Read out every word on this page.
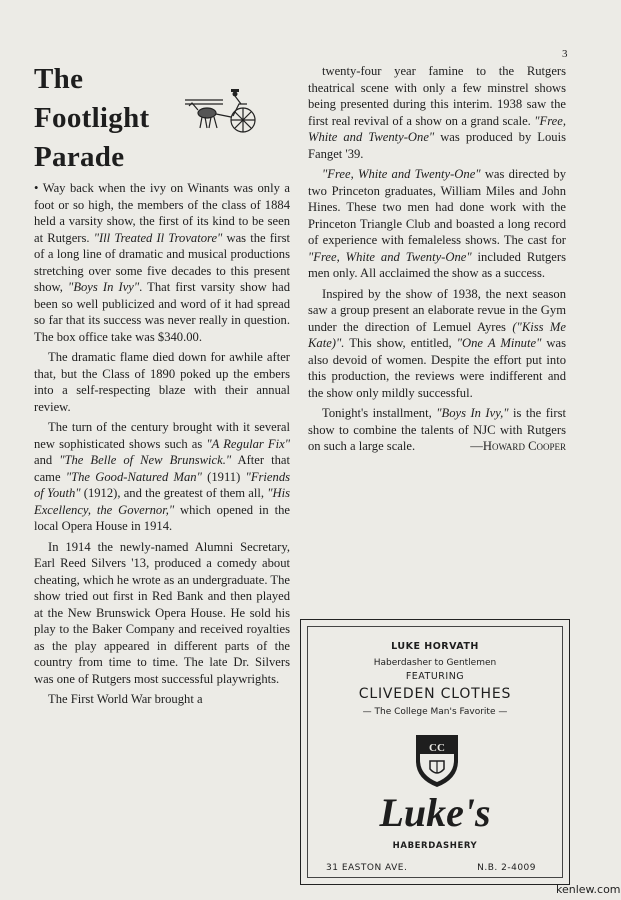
3
The
Footlight
Parade

• Way back when the ivy on Winants was only a foot or so high, the members of the class of 1884 held a varsity show, the first of its kind to be seen at Rutgers. "Ill Treated Il Trovatore" was the first of a long line of dramatic and musical productions stretching over some five decades to this present show, "Boys In Ivy". That first varsity show had been so well publicized and word of it had spread so far that its success was never really in question. The box office take was $340.00.

The dramatic flame died down for awhile after that, but the Class of 1890 poked up the embers into a self-respecting blaze with their annual review.

The turn of the century brought with it several new sophisticated shows such as "A Regular Fix" and "The Belle of New Brunswick." After that came "The Good-Natured Man" (1911) "Friends of Youth" (1912), and the greatest of them all, "His Excellency, the Governor," which opened in the local Opera House in 1914.

In 1914 the newly-named Alumni Secretary, Earl Reed Silvers '13, produced a comedy about cheating, which he wrote as an undergraduate. The show tried out first in Red Bank and then played at the New Brunswick Opera House. He sold his play to the Baker Company and received royalties as the play appeared in different parts of the country from time to time. The late Dr. Silvers was one of Rutgers most successful playwrights.

The First World War brought a

twenty-four year famine to the Rutgers theatrical scene with only a few minstrel shows being presented during this interim. 1938 saw the first real revival of a show on a grand scale. "Free, White and Twenty-One" was produced by Louis Fanget '39.

"Free, White and Twenty-One" was directed by two Princeton graduates, William Miles and John Hines. These two men had done work with the Princeton Triangle Club and boasted a long record of experience with femaleless shows. The cast for "Free, White and Twenty-One" included Rutgers men only. All acclaimed the show as a success.

Inspired by the show of 1938, the next season saw a group present an elaborate revue in the Gym under the direction of Lemuel Ayres ("Kiss Me Kate)". This show, entitled, "One A Minute" was also devoid of women. Despite the effort put into this production, the reviews were indifferent and the show only mildly successful.

Tonight's installment, "Boys In Ivy," is the first show to combine the talents of NJC with Rutgers on such a large scale.	—Howard Cooper

LUKE HORVATH
Haberdasher to Gentlemen
FEATURING
CLIVEDEN CLOTHES
— The College Man's Favorite —
CC
Luke's
HABERDASHERY
31 EASTON AVE.	N.B. 2-4009
kenlew.com
